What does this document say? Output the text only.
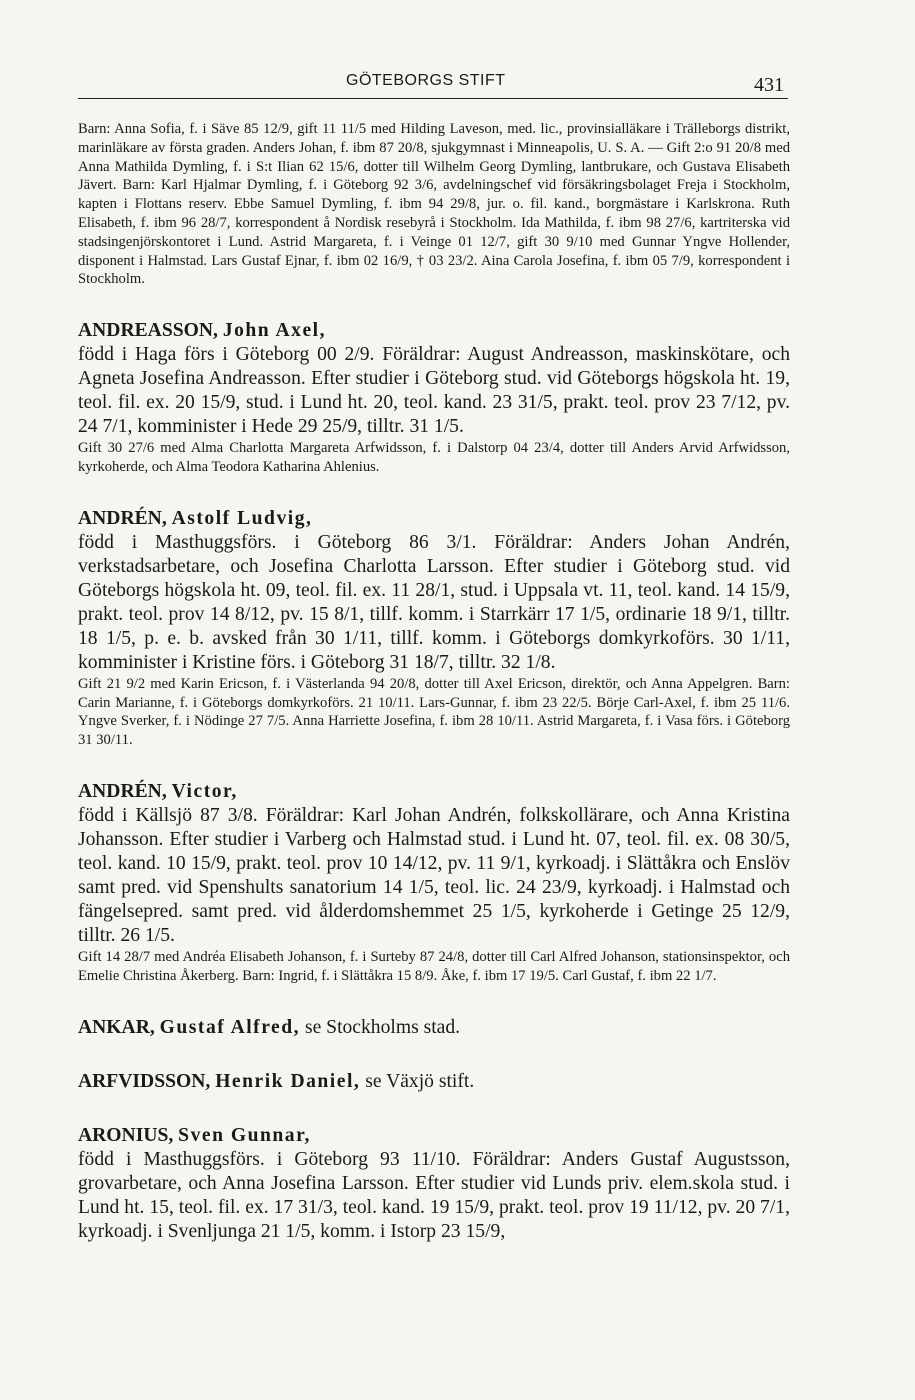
GÖTEBORGS STIFT	431

Barn: Anna Sofia, f. i Säve 85 12/9, gift 11 11/5 med Hilding Laveson, med. lic., provinsialläkare i Trälleborgs distrikt, marinläkare av första graden. Anders Johan, f. ibm 87 20/8, sjukgymnast i Minneapolis, U. S. A. — Gift 2:o 91 20/8 med Anna Mathilda Dymling, f. i S:t Ilian 62 15/6, dotter till Wilhelm Georg Dymling, lantbrukare, och Gustava Elisabeth Jävert. Barn: Karl Hjalmar Dymling, f. i Göteborg 92 3/6, avdelningschef vid försäkringsbolaget Freja i Stockholm, kapten i Flottans reserv. Ebbe Samuel Dymling, f. ibm 94 29/8, jur. o. fil. kand., borgmästare i Karlskrona. Ruth Elisabeth, f. ibm 96 28/7, korrespondent å Nordisk resebyrå i Stockholm. Ida Mathilda, f. ibm 98 27/6, kartriterska vid stadsingenjörskontoret i Lund. Astrid Margareta, f. i Veinge 01 12/7, gift 30 9/10 med Gunnar Yngve Hollender, disponent i Halmstad. Lars Gustaf Ejnar, f. ibm 02 16/9, † 03 23/2. Aina Carola Josefina, f. ibm 05 7/9, korrespondent i Stockholm.

ANDREASSON, John Axel,

född i Haga förs i Göteborg 00 2/9. Föräldrar: August Andreasson, maskinskötare, och Agneta Josefina Andreasson. Efter studier i Göteborg stud. vid Göteborgs högskola ht. 19, teol. fil. ex. 20 15/9, stud. i Lund ht. 20, teol. kand. 23 31/5, prakt. teol. prov 23 7/12, pv. 24 7/1, komminister i Hede 29 25/9, tilltr. 31 1/5.

Gift 30 27/6 med Alma Charlotta Margareta Arfwidsson, f. i Dalstorp 04 23/4, dotter till Anders Arvid Arfwidsson, kyrkoherde, och Alma Teodora Katharina Ahlenius.

ANDRÉN, Astolf Ludvig,

född i Masthuggsförs. i Göteborg 86 3/1. Föräldrar: Anders Johan Andrén, verkstadsarbetare, och Josefina Charlotta Larsson. Efter studier i Göteborg stud. vid Göteborgs högskola ht. 09, teol. fil. ex. 11 28/1, stud. i Uppsala vt. 11, teol. kand. 14 15/9, prakt. teol. prov 14 8/12, pv. 15 8/1, tillf. komm. i Starrkärr 17 1/5, ordinarie 18 9/1, tilltr. 18 1/5, p. e. b. avsked från 30 1/11, tillf. komm. i Göteborgs domkyrkoförs. 30 1/11, komminister i Kristine förs. i Göteborg 31 18/7, tilltr. 32 1/8.

Gift 21 9/2 med Karin Ericson, f. i Västerlanda 94 20/8, dotter till Axel Ericson, direktör, och Anna Appelgren. Barn: Carin Marianne, f. i Göteborgs domkyrkoförs. 21 10/11. Lars-Gunnar, f. ibm 23 22/5. Börje Carl-Axel, f. ibm 25 11/6. Yngve Sverker, f. i Nödinge 27 7/5. Anna Harriette Josefina, f. ibm 28 10/11. Astrid Margareta, f. i Vasa förs. i Göteborg 31 30/11.

ANDRÉN, Victor,

född i Källsjö 87 3/8. Föräldrar: Karl Johan Andrén, folkskollärare, och Anna Kristina Johansson. Efter studier i Varberg och Halmstad stud. i Lund ht. 07, teol. fil. ex. 08 30/5, teol. kand. 10 15/9, prakt. teol. prov 10 14/12, pv. 11 9/1, kyrkoadj. i Slättåkra och Enslöv samt pred. vid Spenshults sanatorium 14 1/5, teol. lic. 24 23/9, kyrkoadj. i Halmstad och fängelsepred. samt pred. vid ålderdomshemmet 25 1/5, kyrkoherde i Getinge 25 12/9, tilltr. 26 1/5.

Gift 14 28/7 med Andréa Elisabeth Johanson, f. i Surteby 87 24/8, dotter till Carl Alfred Johanson, stationsinspektor, och Emelie Christina Åkerberg. Barn: Ingrid, f. i Slättåkra 15 8/9. Åke, f. ibm 17 19/5. Carl Gustaf, f. ibm 22 1/7.

ANKAR, Gustaf Alfred, se Stockholms stad.
ARFVIDSSON, Henrik Daniel, se Växjö stift.
ARONIUS, Sven Gunnar,

född i Masthuggsförs. i Göteborg 93 11/10. Föräldrar: Anders Gustaf Augustsson, grovarbetare, och Anna Josefina Larsson. Efter studier vid Lunds priv. elem.skola stud. i Lund ht. 15, teol. fil. ex. 17 31/3, teol. kand. 19 15/9, prakt. teol. prov 19 11/12, pv. 20 7/1, kyrkoadj. i Svenljunga 21 1/5, komm. i Istorp 23 15/9,
